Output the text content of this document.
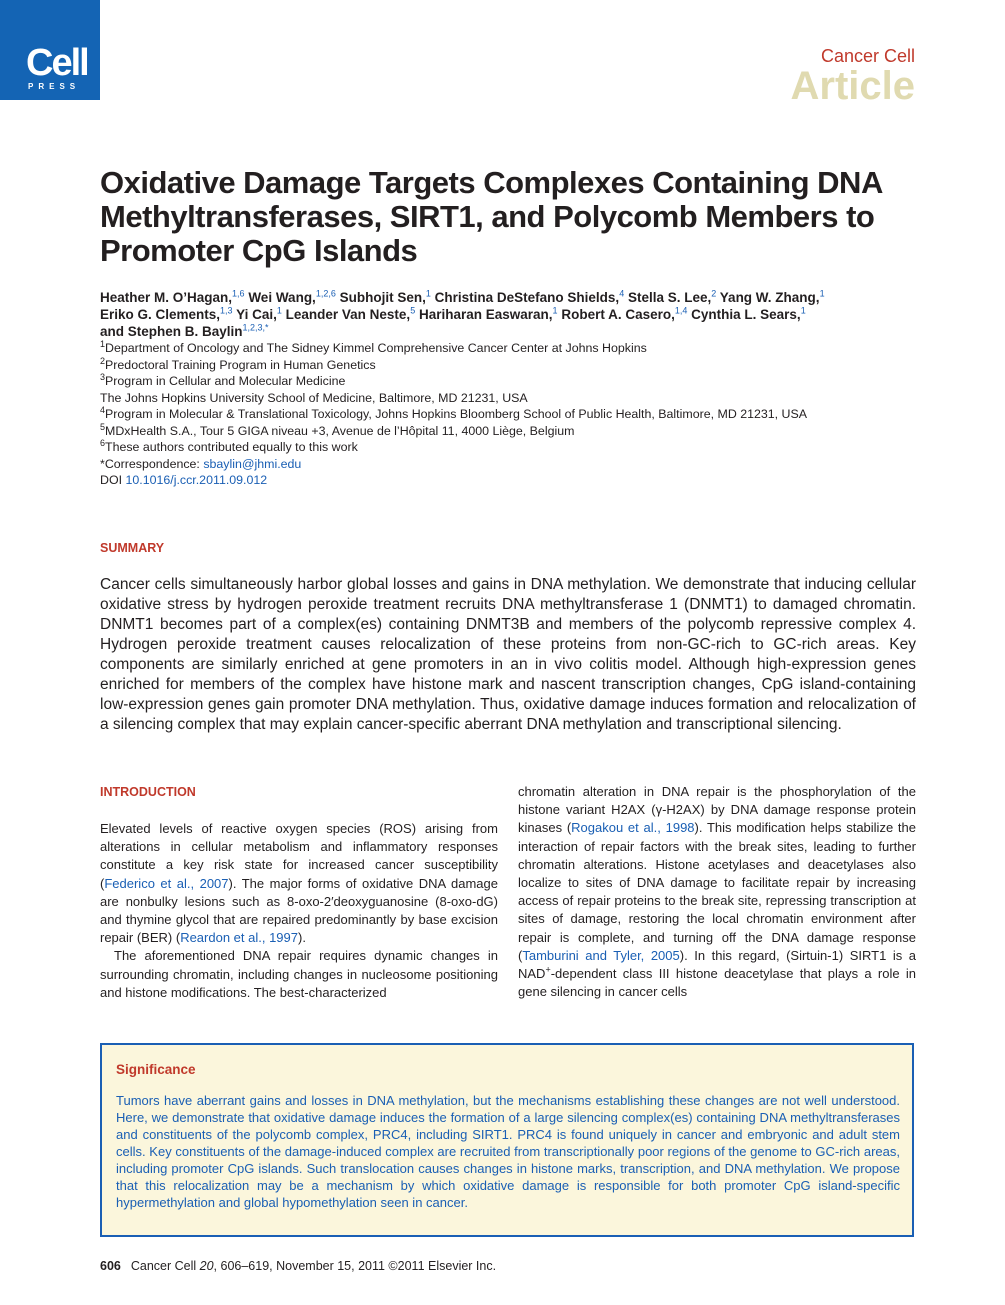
Cell
PRESS
Cancer Cell
Article
Oxidative Damage Targets Complexes Containing DNA Methyltransferases, SIRT1, and Polycomb Members to Promoter CpG Islands
Heather M. O’Hagan,$^{1,6}$ Wei Wang,$^{1,2,6}$ Subhojit Sen,$^1$ Christina DeStefano Shields,$^4$ Stella S. Lee,$^2$ Yang W. Zhang,$^1$
Eriko G. Clements,$^{1,3}$ Yi Cai,$^1$ Leander Van Neste,$^5$ Hariharan Easwaran,$^1$ Robert A. Casero,$^{1,4}$ Cynthia L. Sears,$^1$
and Stephen B. Baylin$^{1,2,3,*}$
$^1$Department of Oncology and The Sidney Kimmel Comprehensive Cancer Center at Johns Hopkins
$^2$Predoctoral Training Program in Human Genetics
$^3$Program in Cellular and Molecular Medicine
The Johns Hopkins University School of Medicine, Baltimore, MD 21231, USA
$^4$Program in Molecular & Translational Toxicology, Johns Hopkins Bloomberg School of Public Health, Baltimore, MD 21231, USA
$^5$MDxHealth S.A., Tour 5 GIGA niveau +3, Avenue de l’Hôpital 11, 4000 Liège, Belgium
$^6$These authors contributed equally to this work
*Correspondence: sbaylin@jhmi.edu
DOI 10.1016/j.ccr.2011.09.012
SUMMARY

Cancer cells simultaneously harbor global losses and gains in DNA methylation. We demonstrate that inducing cellular oxidative stress by hydrogen peroxide treatment recruits DNA methyltransferase 1 (DNMT1) to damaged chromatin. DNMT1 becomes part of a complex(es) containing DNMT3B and members of the polycomb repressive complex 4. Hydrogen peroxide treatment causes relocalization of these proteins from non-GC-rich to GC-rich areas. Key components are similarly enriched at gene promoters in an in vivo colitis model. Although high-expression genes enriched for members of the complex have histone mark and nascent transcription changes, CpG island-containing low-expression genes gain promoter DNA methylation. Thus, oxidative damage induces formation and relocalization of a silencing complex that may explain cancer-specific aberrant DNA methylation and transcriptional silencing.

INTRODUCTION

Elevated levels of reactive oxygen species (ROS) arising from alterations in cellular metabolism and inflammatory responses constitute a key risk state for increased cancer susceptibility (Federico et al., 2007). The major forms of oxidative DNA damage are nonbulky lesions such as 8-oxo-2′deoxyguanosine (8-oxo-dG) and thymine glycol that are repaired predominantly by base excision repair (BER) (Reardon et al., 1997).

The aforementioned DNA repair requires dynamic changes in surrounding chromatin, including changes in nucleosome positioning and histone modifications. The best-characterized

chromatin alteration in DNA repair is the phosphorylation of the histone variant H2AX (γ-H2AX) by DNA damage response protein kinases (Rogakou et al., 1998). This modification helps stabilize the interaction of repair factors with the break sites, leading to further chromatin alterations. Histone acetylases and deacetylases also localize to sites of DNA damage to facilitate repair by increasing access of repair proteins to the break site, repressing transcription at sites of damage, restoring the local chromatin environment after repair is complete, and turning off the DNA damage response (Tamburini and Tyler, 2005). In this regard, (Sirtuin-1) SIRT1 is a NAD+-dependent class III histone deacetylase that plays a role in gene silencing in cancer cells

Significance

Tumors have aberrant gains and losses in DNA methylation, but the mechanisms establishing these changes are not well understood. Here, we demonstrate that oxidative damage induces the formation of a large silencing complex(es) containing DNA methyltransferases and constituents of the polycomb complex, PRC4, including SIRT1. PRC4 is found uniquely in cancer and embryonic and adult stem cells. Key constituents of the damage-induced complex are recruited from transcriptionally poor regions of the genome to GC-rich areas, including promoter CpG islands. Such translocation causes changes in histone marks, transcription, and DNA methylation. We propose that this relocalization may be a mechanism by which oxidative damage is responsible for both promoter CpG island-specific hypermethylation and global hypomethylation seen in cancer.

606 Cancer Cell 20, 606–619, November 15, 2011 ©2011 Elsevier Inc.
